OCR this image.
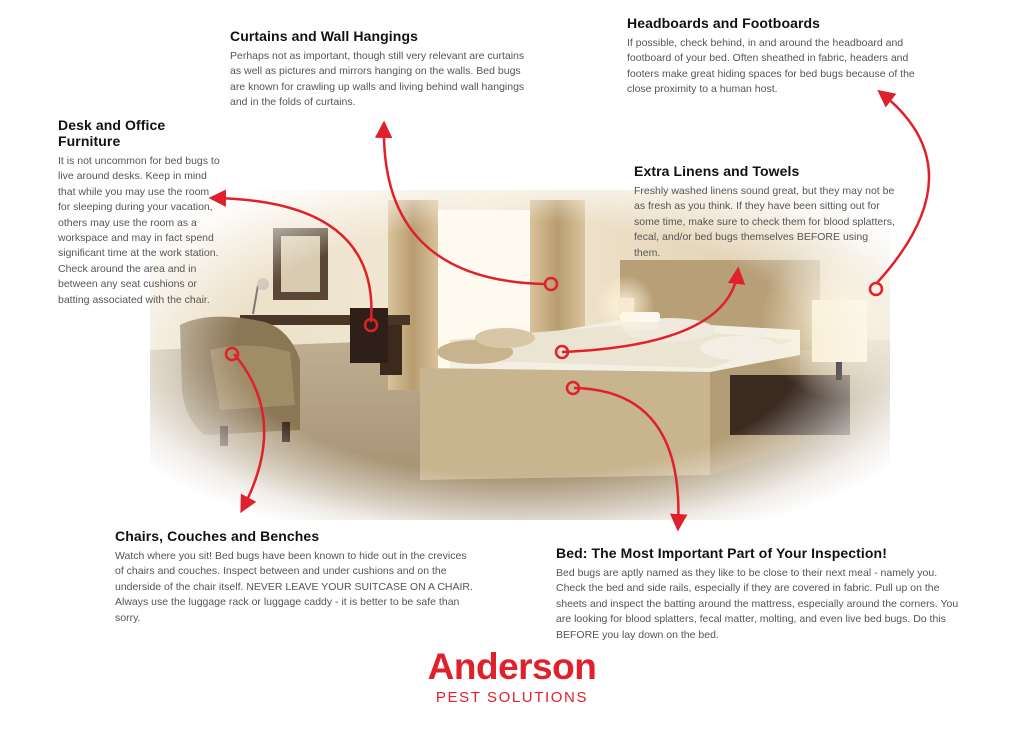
Curtains and Wall Hangings

Perhaps not as important, though still very relevant are curtains as well as pictures and mirrors hanging on the walls. Bed bugs are known for crawling up walls and living behind wall hangings and in the folds of curtains.

Headboards and Footboards

If possible, check behind, in and around the headboard and footboard of your bed. Often sheathed in fabric, headers and footers make great hiding spaces for bed bugs because of the close proximity to a human host.

Desk and Office Furniture

It is not uncommon for bed bugs to live around desks. Keep in mind that while you may use the room for sleeping during your vacation, others may use the room as a workspace and may in fact spend significant time at the work station. Check around the area and in between any seat cushions or batting associated with the chair.

Extra Linens and Towels

Freshly washed linens sound great, but they may not be as fresh as you think. If they have been sitting out for some time, make sure to check them for blood splatters, fecal, and/or bed bugs themselves BEFORE using them.

Chairs, Couches and Benches

Watch where you sit! Bed bugs have been known to hide out in the crevices of chairs and couches. Inspect between and under cushions and on the underside of the chair itself. NEVER LEAVE YOUR SUITCASE ON A CHAIR. Always use the luggage rack or luggage caddy - it is better to be safe than sorry.

Bed: The Most Important Part of Your Inspection!

Bed bugs are aptly named as they like to be close to their next meal - namely you. Check the bed and side rails, especially if they are covered in fabric. Pull up on the sheets and inspect the batting around the mattress, especially around the corners. You are looking for blood splatters, fecal matter, molting, and even live bed bugs. Do this BEFORE you lay down on the bed.

Anderson
PEST SOLUTIONS
